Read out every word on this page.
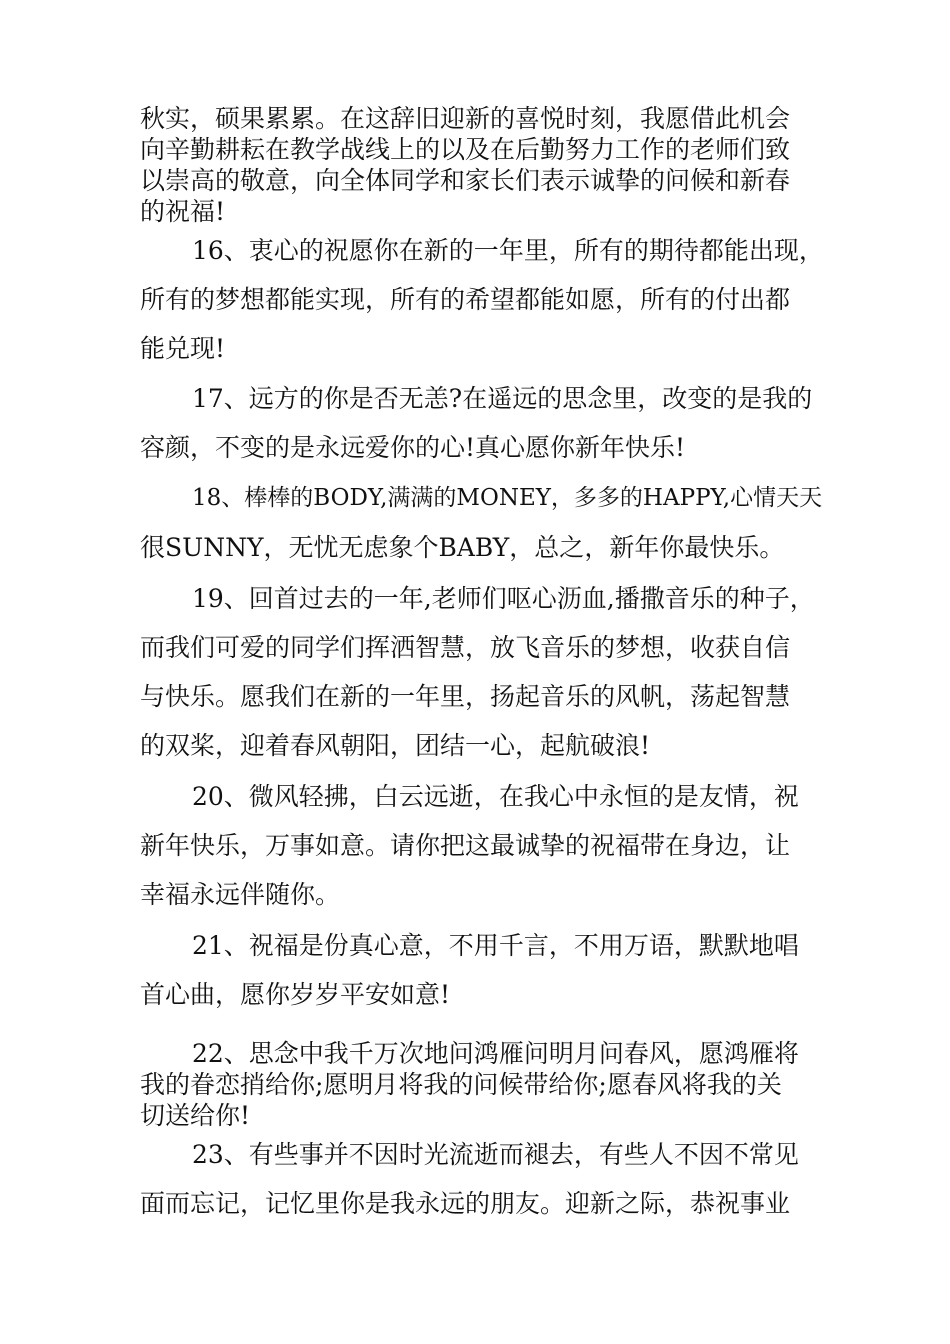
秋实，硕果累累。在这辞旧迎新的喜悦时刻，我愿借此机会
向辛勤耕耘在教学战线上的以及在后勤努力工作的老师们致
以崇高的敬意，向全体同学和家长们表示诚挚的问候和新春
的祝福!
16、衷心的祝愿你在新的一年里，所有的期待都能出现，
所有的梦想都能实现，所有的希望都能如愿，所有的付出都
能兑现!
17、远方的你是否无恙?在遥远的思念里，改变的是我的
容颜，不变的是永远爱你的心!真心愿你新年快乐!
18、棒棒的BODY,满满的MONEY，多多的HAPPY,心情天天
很SUNNY，无忧无虑象个BABY，总之，新年你最快乐。
19、回首过去的一年,老师们呕心沥血,播撒音乐的种子，
而我们可爱的同学们挥洒智慧，放飞音乐的梦想，收获自信
与快乐。愿我们在新的一年里，扬起音乐的风帆，荡起智慧
的双桨，迎着春风朝阳，团结一心，起航破浪!
20、微风轻拂，白云远逝，在我心中永恒的是友情，祝
新年快乐，万事如意。请你把这最诚挚的祝福带在身边，让
幸福永远伴随你。
21、祝福是份真心意，不用千言，不用万语，默默地唱
首心曲，愿你岁岁平安如意!
22、思念中我千万次地问鸿雁问明月问春风，愿鸿雁将
我的眷恋捎给你;愿明月将我的问候带给你;愿春风将我的关
切送给你!
23、有些事并不因时光流逝而褪去，有些人不因不常见
面而忘记，记忆里你是我永远的朋友。迎新之际，恭祝事业
